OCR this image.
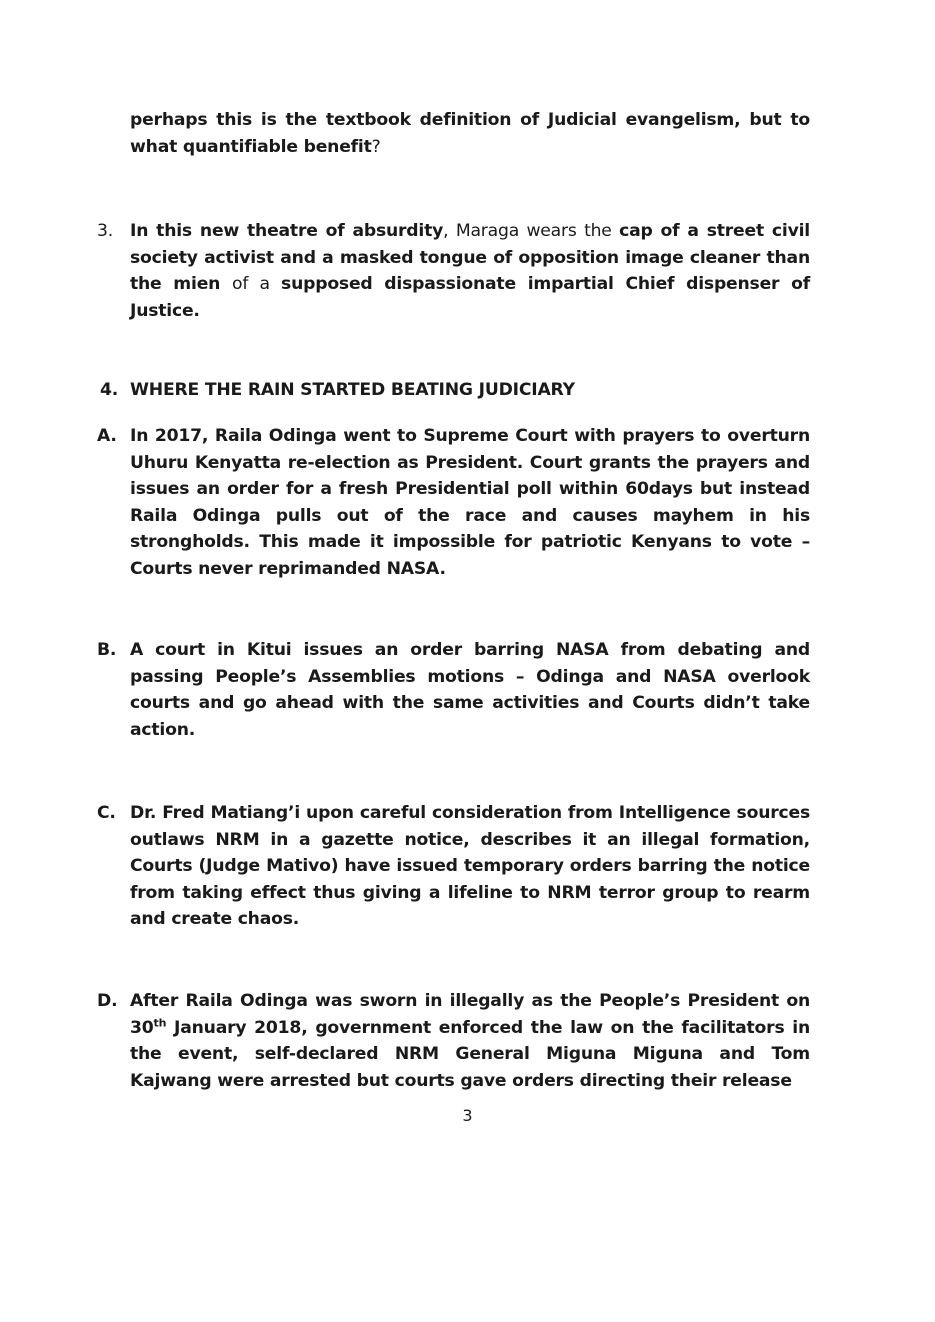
perhaps this is the textbook definition of Judicial evangelism, but to what quantifiable benefit?
3. In this new theatre of absurdity, Maraga wears the cap of a street civil society activist and a masked tongue of opposition image cleaner than the mien of a supposed dispassionate impartial Chief dispenser of Justice.
4. WHERE THE RAIN STARTED BEATING JUDICIARY
A. In 2017, Raila Odinga went to Supreme Court with prayers to overturn Uhuru Kenyatta re-election as President. Court grants the prayers and issues an order for a fresh Presidential poll within 60days but instead Raila Odinga pulls out of the race and causes mayhem in his strongholds. This made it impossible for patriotic Kenyans to vote – Courts never reprimanded NASA.
B. A court in Kitui issues an order barring NASA from debating and passing People’s Assemblies motions – Odinga and NASA overlook courts and go ahead with the same activities and Courts didn’t take action.
C. Dr. Fred Matiang’i upon careful consideration from Intelligence sources outlaws NRM in a gazette notice, describes it an illegal formation, Courts (Judge Mativo) have issued temporary orders barring the notice from taking effect thus giving a lifeline to NRM terror group to rearm and create chaos.
D. After Raila Odinga was sworn in illegally as the People’s President on 30th January 2018, government enforced the law on the facilitators in the event, self-declared NRM General Miguna Miguna and Tom Kajwang were arrested but courts gave orders directing their release
3
